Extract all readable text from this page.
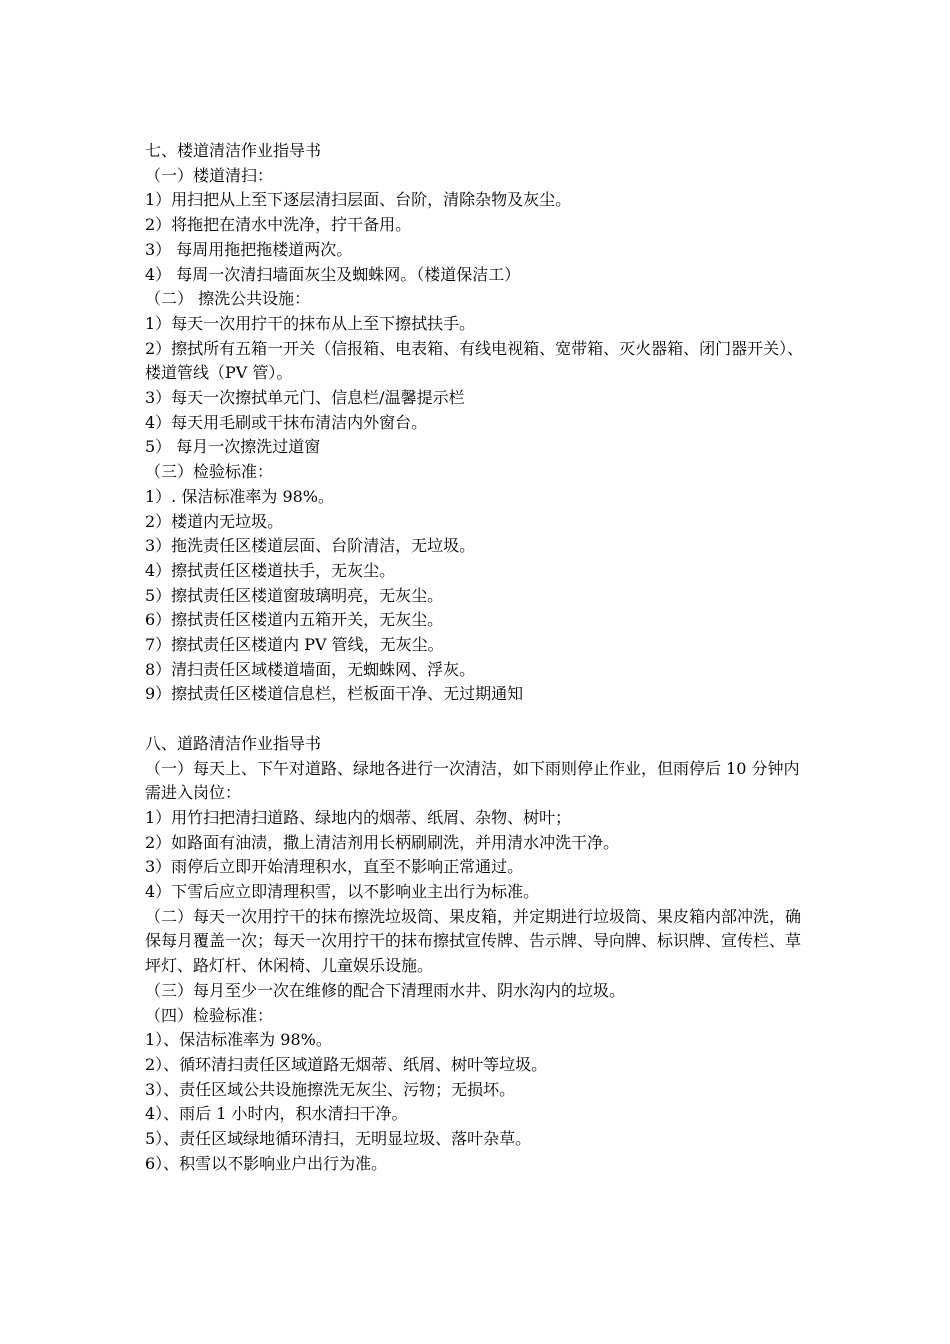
七、楼道清洁作业指导书
（一）楼道清扫：
1）用扫把从上至下逐层清扫层面、台阶，清除杂物及灰尘。
2）将拖把在清水中洗净，拧干备用。
3） 每周用拖把拖楼道两次。
4） 每周一次清扫墙面灰尘及蜘蛛网。（楼道保洁工）
（二） 擦洗公共设施：
1）每天一次用拧干的抹布从上至下擦拭扶手。
2）擦拭所有五箱一开关（信报箱、电表箱、有线电视箱、宽带箱、灭火器箱、闭门器开关）、楼道管线（PV 管）。
3）每天一次擦拭单元门、信息栏/温馨提示栏
4）每天用毛刷或干抹布清洁内外窗台。
5） 每月一次擦洗过道窗
（三）检验标准：
1）. 保洁标准率为 98%。
2）楼道内无垃圾。
3）拖洗责任区楼道层面、台阶清洁，无垃圾。
4）擦拭责任区楼道扶手，无灰尘。
5）擦拭责任区楼道窗玻璃明亮，无灰尘。
6）擦拭责任区楼道内五箱开关，无灰尘。
7）擦拭责任区楼道内 PV 管线，无灰尘。
8）清扫责任区域楼道墙面，无蜘蛛网、浮灰。
9）擦拭责任区楼道信息栏，栏板面干净、无过期通知
八、道路清洁作业指导书
（一）每天上、下午对道路、绿地各进行一次清洁，如下雨则停止作业，但雨停后 10 分钟内需进入岗位：
1）用竹扫把清扫道路、绿地内的烟蒂、纸屑、杂物、树叶；
2）如路面有油渍，撒上清洁剂用长柄刷刷洗，并用清水冲洗干净。
3）雨停后立即开始清理积水，直至不影响正常通过。
4）下雪后应立即清理积雪，以不影响业主出行为标准。
（二）每天一次用拧干的抹布擦洗垃圾筒、果皮箱，并定期进行垃圾筒、果皮箱内部冲洗，确保每月覆盖一次；每天一次用拧干的抹布擦拭宣传牌、告示牌、导向牌、标识牌、宣传栏、草坪灯、路灯杆、休闲椅、儿童娱乐设施。
（三）每月至少一次在维修的配合下清理雨水井、阴水沟内的垃圾。
（四）检验标准：
1）、保洁标准率为 98%。
2）、循环清扫责任区域道路无烟蒂、纸屑、树叶等垃圾。
3）、责任区域公共设施擦洗无灰尘、污物；无损坏。
4）、雨后 1 小时内，积水清扫干净。
5）、责任区域绿地循环清扫，无明显垃圾、落叶杂草。
6）、积雪以不影响业户出行为准。
